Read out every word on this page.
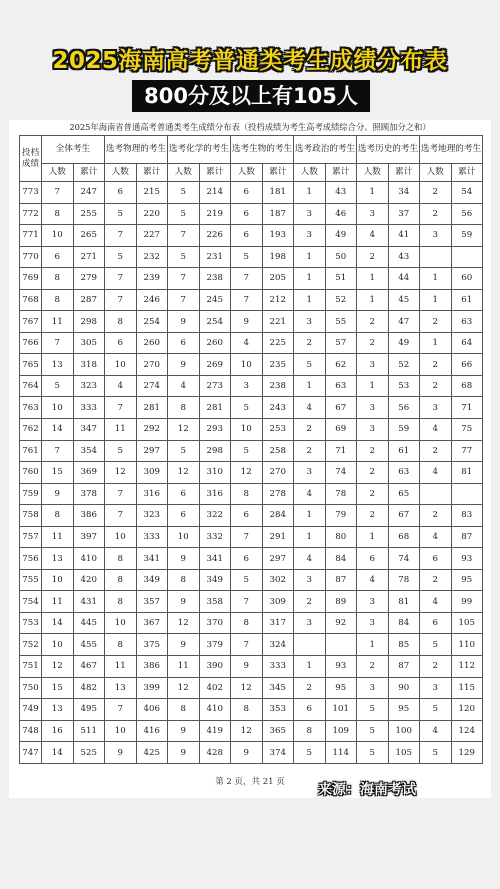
2025海南高考普通类考生成绩分布表
800分及以上有105人
2025年海南省普通高考普通类考生成绩分布表（投档成绩为考生高考成绩综合分、照顾加分之和）
投档成绩	全体考生		选考物理的考生		选考化学的考生		选考生物的考生		选考政治的考生		选考历史的考生		选考地理的考生	
	人数	累计	人数	累计	人数	累计	人数	累计	人数	累计	人数	累计	人数	累计
773	7	247	6	215	5	214	6	181	1	43	1	34	2	54
772	8	255	5	220	5	219	6	187	3	46	3	37	2	56
771	10	265	7	227	7	226	6	193	3	49	4	41	3	59
770	6	271	5	232	5	231	5	198	1	50	2	43		
769	8	279	7	239	7	238	7	205	1	51	1	44	1	60
768	8	287	7	246	7	245	7	212	1	52	1	45	1	61
767	11	298	8	254	9	254	9	221	3	55	2	47	2	63
766	7	305	6	260	6	260	4	225	2	57	2	49	1	64
765	13	318	10	270	9	269	10	235	5	62	3	52	2	66
764	5	323	4	274	4	273	3	238	1	63	1	53	2	68
763	10	333	7	281	8	281	5	243	4	67	3	56	3	71
762	14	347	11	292	12	293	10	253	2	69	3	59	4	75
761	7	354	5	297	5	298	5	258	2	71	2	61	2	77
760	15	369	12	309	12	310	12	270	3	74	2	63	4	81
759	9	378	7	316	6	316	8	278	4	78	2	65		
758	8	386	7	323	6	322	6	284	1	79	2	67	2	83
757	11	397	10	333	10	332	7	291	1	80	1	68	4	87
756	13	410	8	341	9	341	6	297	4	84	6	74	6	93
755	10	420	8	349	8	349	5	302	3	87	4	78	2	95
754	11	431	8	357	9	358	7	309	2	89	3	81	4	99
753	14	445	10	367	12	370	8	317	3	92	3	84	6	105
752	10	455	8	375	9	379	7	324			1	85	5	110
751	12	467	11	386	11	390	9	333	1	93	2	87	2	112
750	15	482	13	399	12	402	12	345	2	95	3	90	3	115
749	13	495	7	406	8	410	8	353	6	101	5	95	5	120
748	16	511	10	416	9	419	12	365	8	109	5	100	4	124
747	14	525	9	425	9	428	9	374	5	114	5	105	5	129
第 2 页，共 21 页	来源：海南考试
